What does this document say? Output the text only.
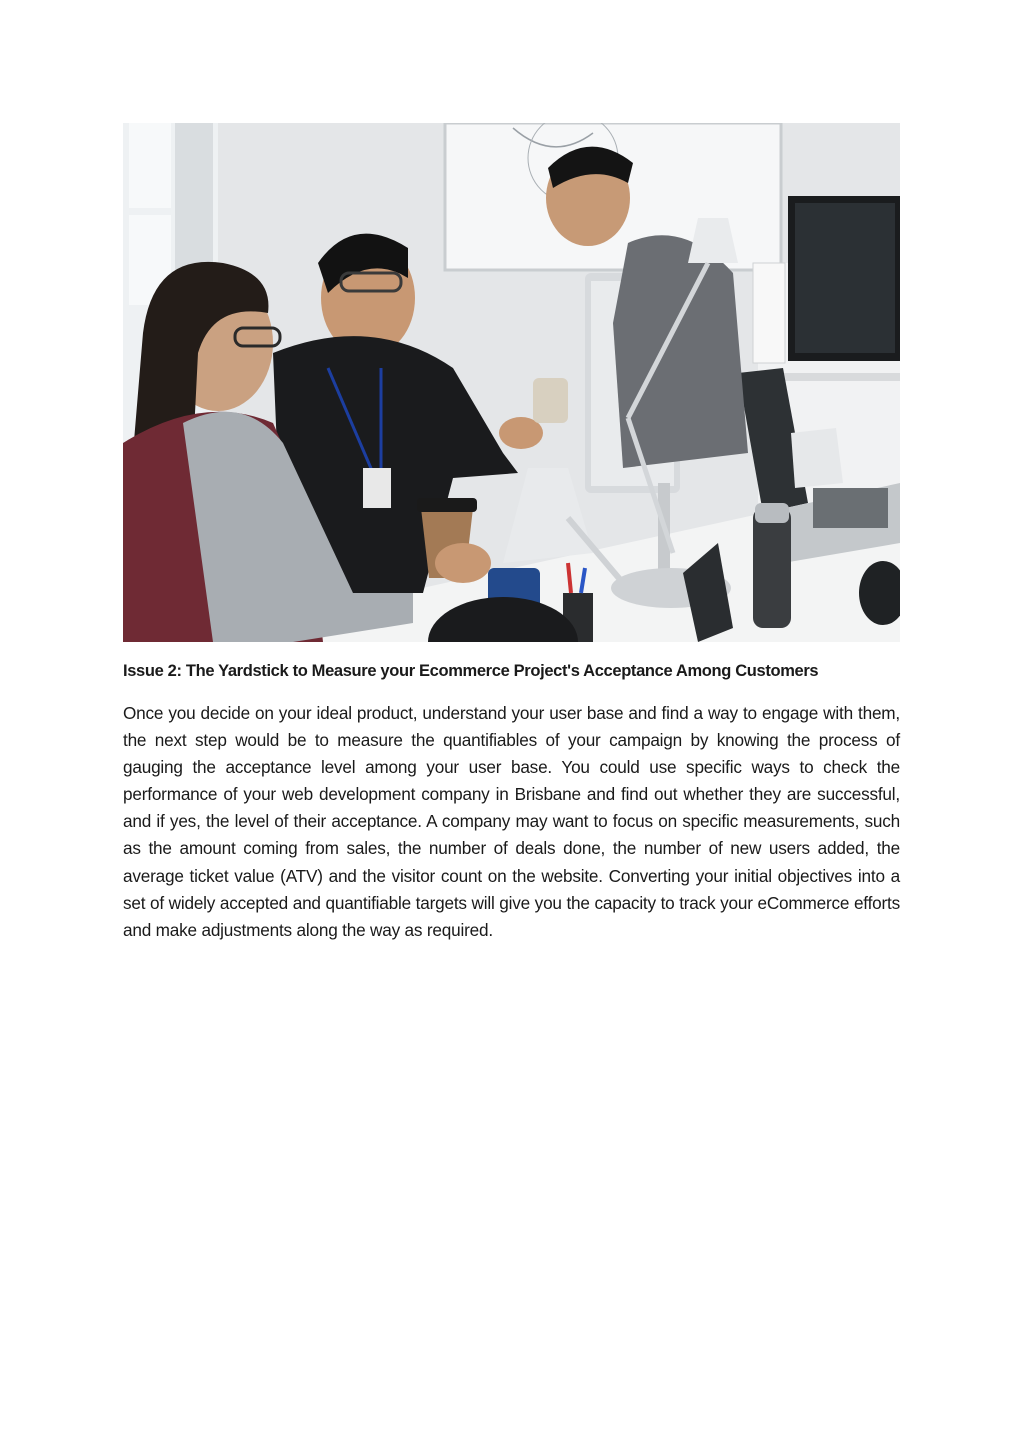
Issue 2: The Yardstick to Measure your Ecommerce Project's Acceptance Among Customers

Once you decide on your ideal product, understand your user base and find a way to engage with them, the next step would be to measure the quantifiables of your campaign by knowing the process of gauging the acceptance level among your user base. You could use specific ways to check the performance of your web development company in Brisbane and find out whether they are successful, and if yes, the level of their acceptance. A company may want to focus on specific measurements, such as the amount coming from sales, the number of deals done, the number of new users added, the average ticket value (ATV) and the visitor count on the website. Converting your initial objectives into a set of widely accepted and quantifiable targets will give you the capacity to track your eCommerce efforts and make adjustments along the way as required.
